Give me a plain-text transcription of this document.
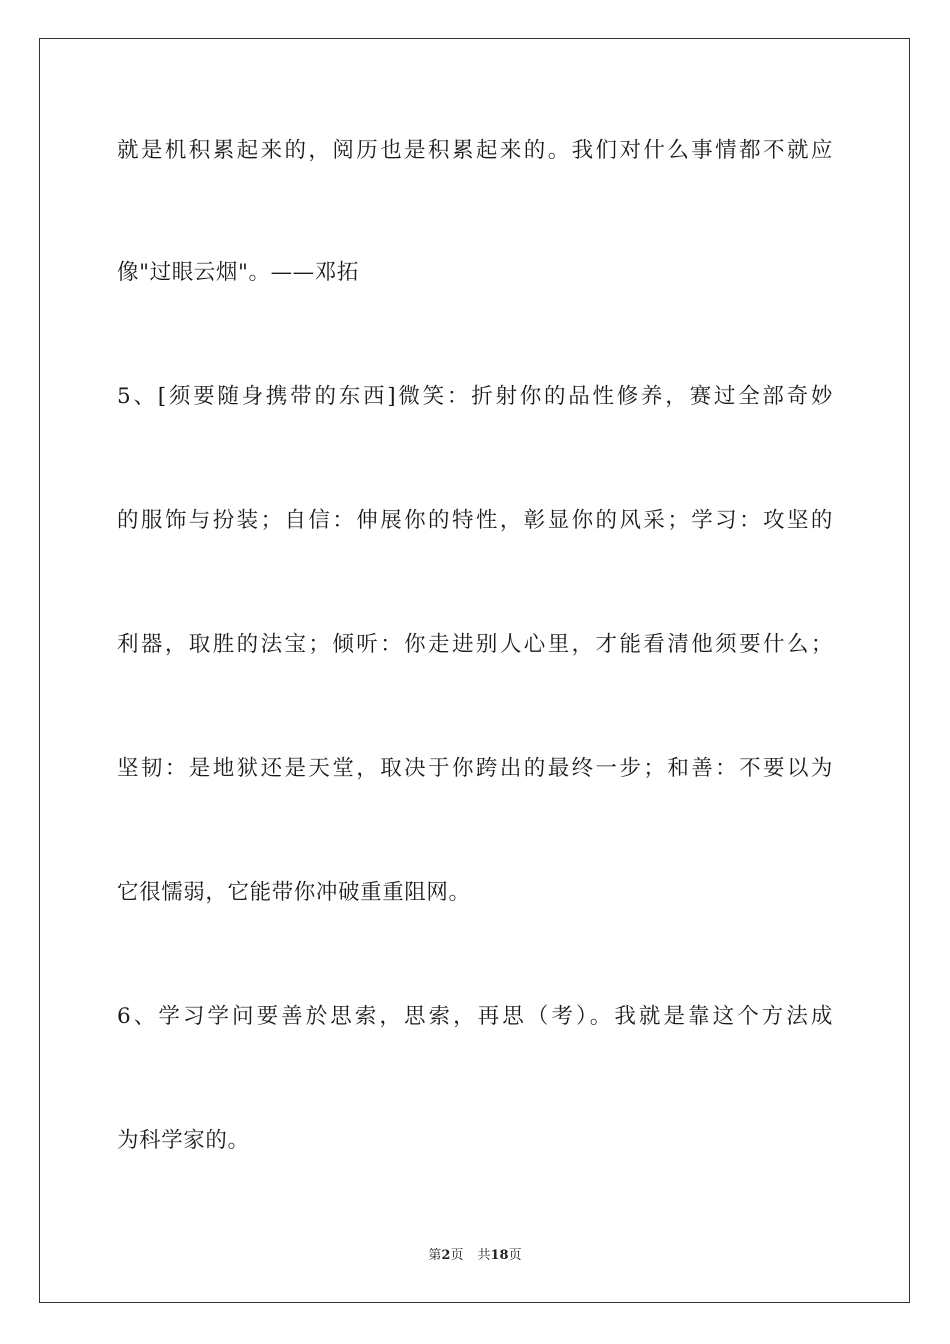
就是机积累起来的，阅历也是积累起来的。我们对什么事情都不就应
像"过眼云烟"。——邓拓
5、[须要随身携带的东西]微笑：折射你的品性修养，赛过全部奇妙
的服饰与扮装；自信：伸展你的特性，彰显你的风采；学习：攻坚的
利器，取胜的法宝；倾听：你走进别人心里，才能看清他须要什么；
坚韧：是地狱还是天堂，取决于你跨出的最终一步；和善：不要以为
它很懦弱，它能带你冲破重重阻网。
6、学习学问要善於思索，思索，再思（考）。我就是靠这个方法成
为科学家的。
第2页 共18页
